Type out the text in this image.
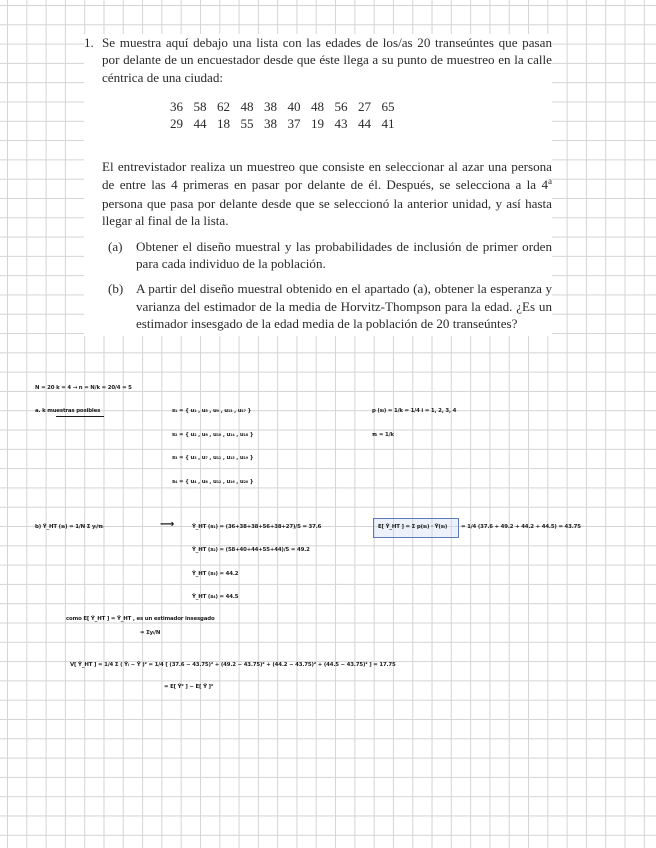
1. Se muestra aquí debajo una lista con las edades de los/as 20 transeúntes que pasan por delante de un encuestador desde que éste llega a su punto de muestreo en la calle céntrica de una ciudad:
36 58 62 48 38 40 48 56 27 65
29 44 18 55 38 37 19 43 44 41
El entrevistador realiza un muestreo que consiste en seleccionar al azar una persona de entre las 4 primeras en pasar por delante de él. Después, se selecciona a la 4$^a$ persona que pasa por delante desde que se seleccionó la anterior unidad, y así hasta llegar al final de la lista.
(a)	Obtener el diseño muestral y las probabilidades de inclusión de primer orden para cada individuo de la población.
(b) A partir del diseño muestral obtenido en el apartado (a), obtener la esperanza y varianza del estimador de la media de Horvitz-Thompson para la edad. ¿Es un estimador insesgado de la edad media de la población de 20 transeúntes?
N = 20 k = 4 → n = N/k = 20/4 = 5
a. k muestras posibles	s₁ = { u₁ , u₅ , u₉ , u₁₃ , u₁₇ }
s₂ = { u₂ , u₆ , u₁₀ , u₁₄ , u₁₈ }
s₃ = { u₃ , u₇ , u₁₁ , u₁₅ , u₁₉ }
s₄ = { u₄ , u₈ , u₁₂ , u₁₆ , u₂₀ }
p (sᵢ) = 1/k = 1/4 i = 1, 2, 3, 4
πᵢ = 1/k
b) Ŷ_HT (sᵢ) = 1/N Σ yᵢ/πᵢ	⟶	Ŷ_HT (s₁) = (36+38+38+56+38+27)/5 = 37.6
Ŷ_HT (s₂) = (58+40+44+55+44)/5 = 49.2
Ŷ_HT (s₃) = 44.2
Ŷ_HT (s₄) = 44.5
E[ Ŷ_HT ] = Σ p(sᵢ) · Ŷ(sᵢ)	= 1/4 (37.6 + 49.2 + 44.2 + 44.5) = 43.75
como E[ Ŷ_HT ] = Ȳ_HT , es un estimador insesgado
= Σyᵢ/N
V[ Ŷ_HT ] = 1/4 Σ ( Ŷᵢ − Ȳ )² = 1/4 [ (37.6 − 43.75)² + (49.2 − 43.75)² + (44.2 − 43.75)² + (44.5 − 43.75)² ] = 17.75
= E[ Ŷ² ] − E[ Ŷ ]²
